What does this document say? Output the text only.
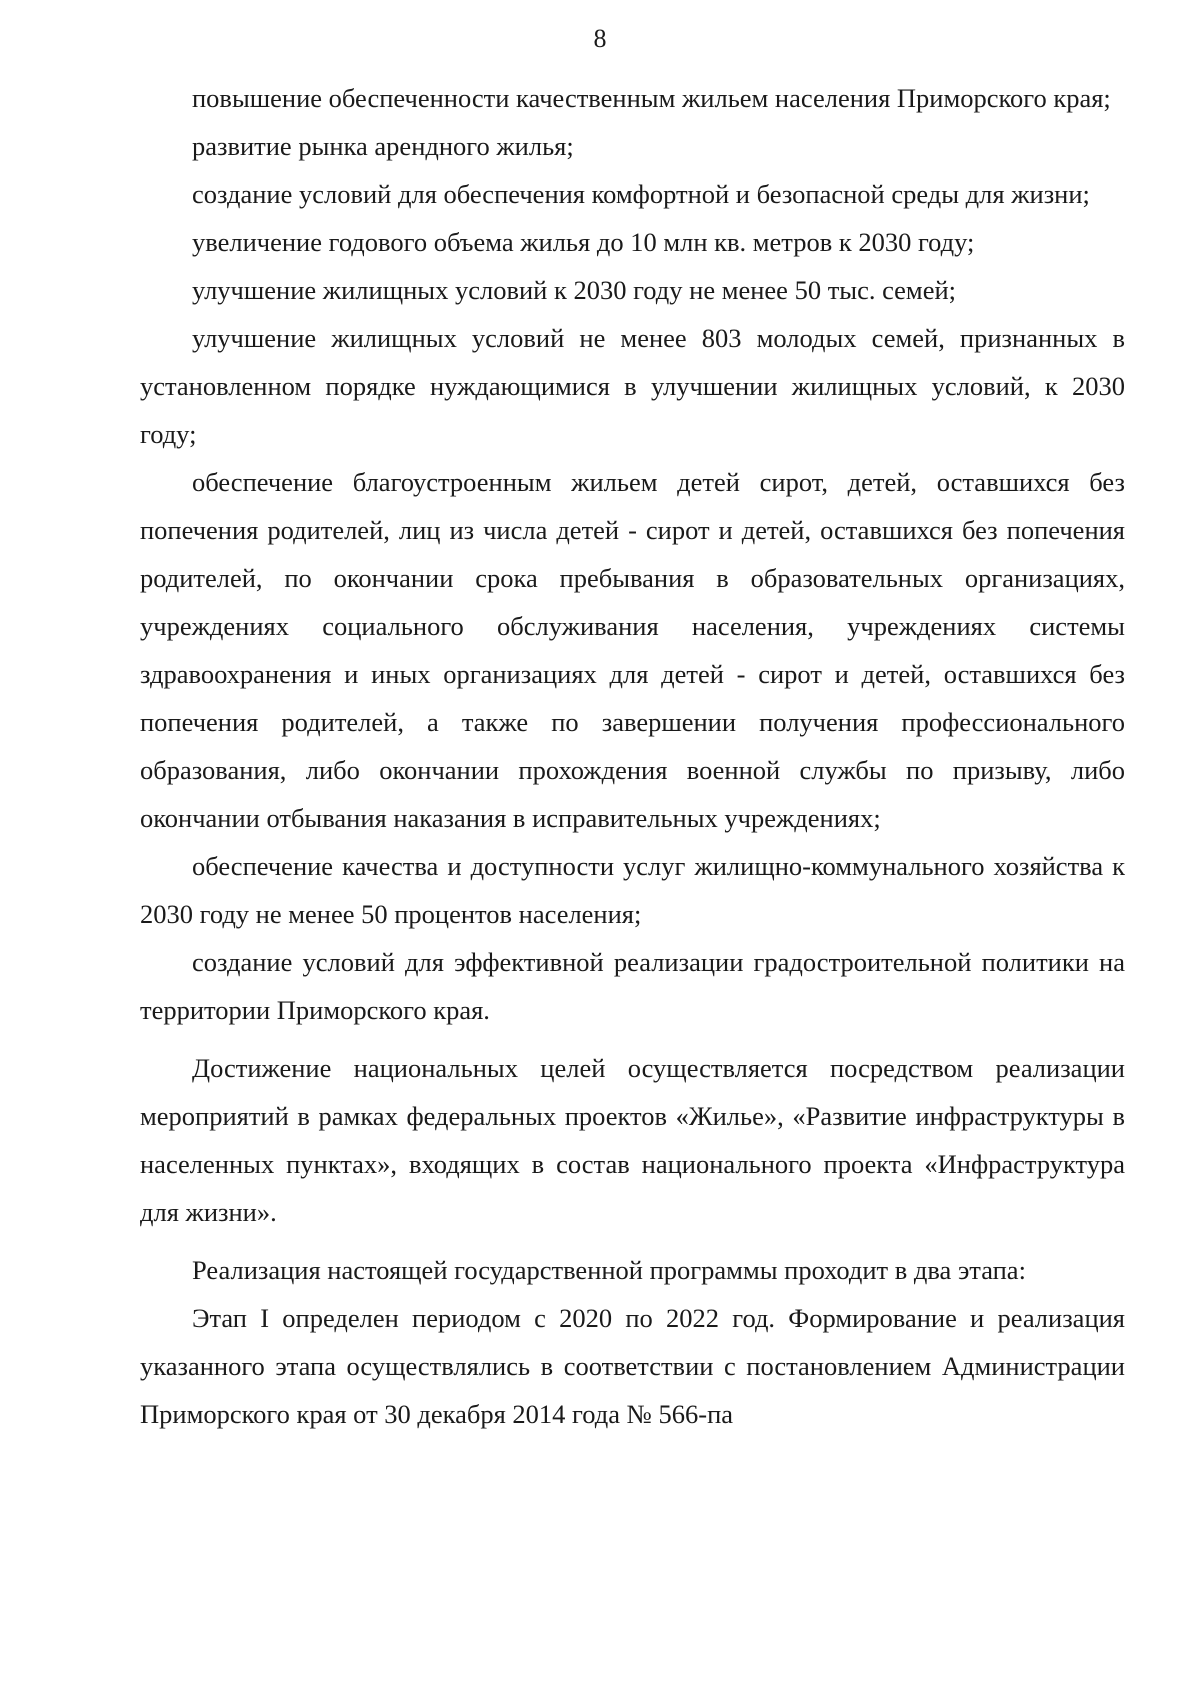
8

повышение обеспеченности качественным жильем населения Приморского края;

развитие рынка арендного жилья;

создание условий для обеспечения комфортной и безопасной среды для жизни;

увеличение годового объема жилья до 10 млн кв. метров к 2030 году;

улучшение жилищных условий к 2030 году не менее 50 тыс. семей;

улучшение жилищных условий не менее 803 молодых семей, признанных в установленном порядке нуждающимися в улучшении жилищных условий, к 2030 году;

обеспечение благоустроенным жильем детей сирот, детей, оставшихся без попечения родителей, лиц из числа детей - сирот и детей, оставшихся без попечения родителей, по окончании срока пребывания в образовательных организациях, учреждениях социального обслуживания населения, учреждениях системы здравоохранения и иных организациях для детей - сирот и детей, оставшихся без попечения родителей, а также по завершении получения профессионального образования, либо окончании прохождения военной службы по призыву, либо окончании отбывания наказания в исправительных учреждениях;

обеспечение качества и доступности услуг жилищно-коммунального хозяйства к 2030 году не менее 50 процентов населения;

создание условий для эффективной реализации градостроительной политики на территории Приморского края.

Достижение национальных целей осуществляется посредством реализации мероприятий в рамках федеральных проектов «Жилье», «Развитие инфраструктуры в населенных пунктах», входящих в состав национального проекта «Инфраструктура для жизни».

Реализация настоящей государственной программы проходит в два этапа:

Этап I определен периодом с 2020 по 2022 год. Формирование и реализация указанного этапа осуществлялись в соответствии с постановлением Администрации Приморского края от 30 декабря 2014 года № 566-па
